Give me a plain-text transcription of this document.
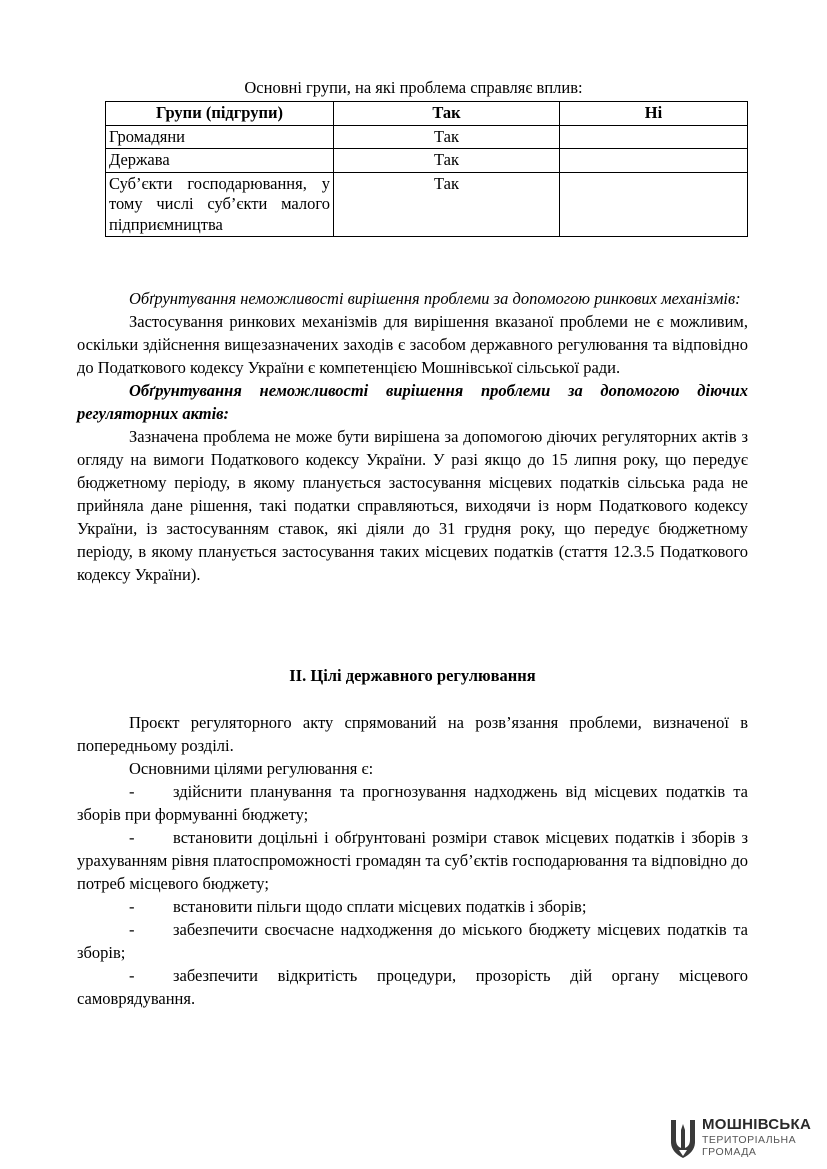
Основні групи, на які проблема справляє вплив:
Групи (підгрупи)	Так	Ні
Громадяни	Так	
Держава	Так	
Суб’єкти господарювання, у тому числі суб’єкти малого підприємництва	Так	

Обґрунтування неможливості вирішення проблеми за допомогою ринкових механізмів:

Застосування ринкових механізмів для вирішення вказаної проблеми не є можливим, оскільки здійснення вищезазначених заходів є засобом державного регулювання та відповідно до Податкового кодексу України є компетенцією Мошнівської сільської ради.

Обґрунтування неможливості вирішення проблеми за допомогою діючих регуляторних актів:

Зазначена проблема не може бути вирішена за допомогою діючих регуляторних актів з огляду на вимоги Податкового кодексу України. У разі якщо до 15 липня року, що передує бюджетному періоду, в якому планується застосування місцевих податків сільська рада не прийняла дане рішення, такі податки справляються, виходячи із норм Податкового кодексу України, із застосуванням ставок, які діяли до 31 грудня року, що передує бюджетному періоду, в якому планується застосування таких місцевих податків (стаття 12.3.5 Податкового кодексу України).

ІІ. Цілі державного регулювання

Проєкт регуляторного акту спрямований на розв’язання проблеми, визначеної в попередньому розділі.

Основними цілями регулювання є:

- здійснити планування та прогнозування надходжень від місцевих податків та зборів при формуванні бюджету;

- встановити доцільні і обґрунтовані розміри ставок місцевих податків і зборів з урахуванням рівня платоспроможності громадян та суб’єктів господарювання та відповідно до потреб місцевого бюджету;

- встановити пільги щодо сплати місцевих податків і зборів;

- забезпечити своєчасне надходження до міського бюджету місцевих податків та зборів;

- забезпечити відкритість процедури, прозорість дій органу місцевого самоврядування.

МОШНІВСЬКА
ТЕРИТОРІАЛЬНА
ГРОМАДА
